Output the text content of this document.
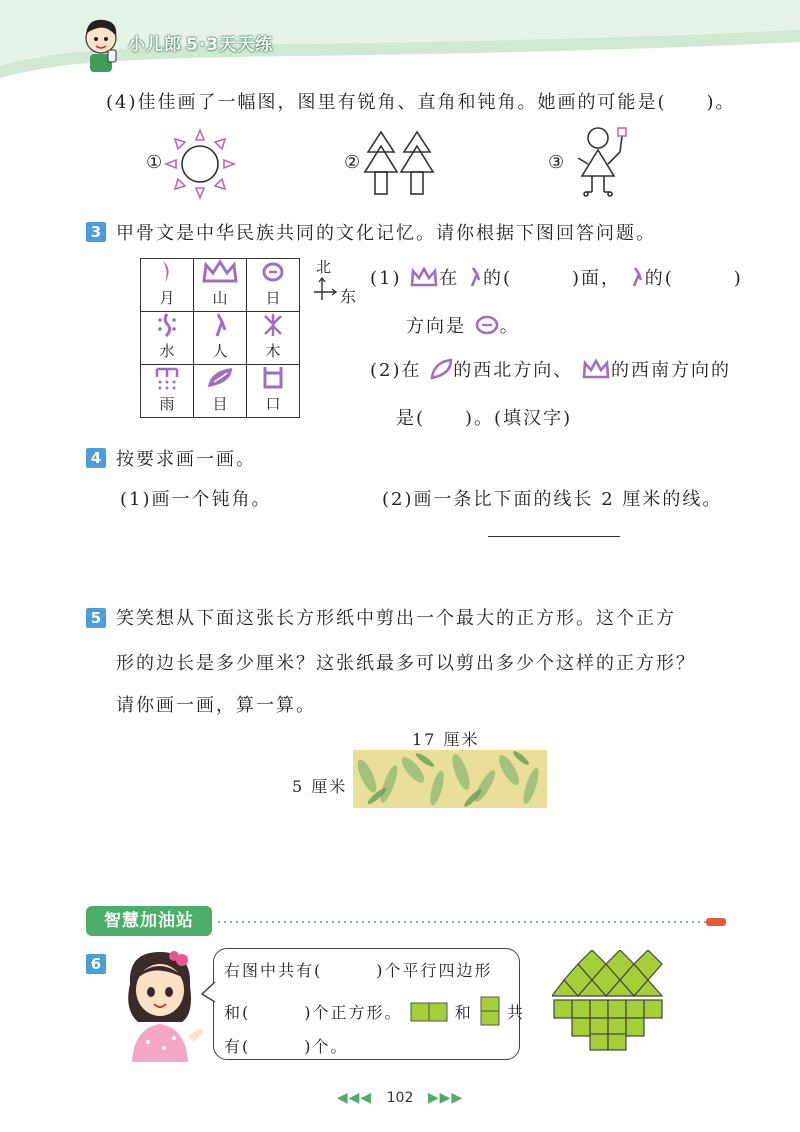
小儿郎 5·3天天练
(4)佳佳画了一幅图，图里有锐角、直角和钝角。她画的可能是(　　)。
①	②	③
3 甲骨文是中华民族共同的文化记忆。请你根据下图回答问题。
月	山	日

水	人	木

雨	目	口
北
东
(1) 在 的(　　　)面， 的(　　　)
方向是 。
(2)在 的西北方向、 的西南方向的
是(　　)。(填汉字)
4 按要求画一画。
(1)画一个钝角。	(2)画一条比下面的线长 2 厘米的线。
5 笑笑想从下面这张长方形纸中剪出一个最大的正方形。这个正方
形的边长是多少厘米？这张纸最多可以剪出多少个这样的正方形？
请你画一画，算一算。
17 厘米
5 厘米
智慧加油站
6	右图中共有(　　　)个平行四边形
和(　　　)个正方形。	和 共
有(　　　)个。
◀◀◀ 102 ▶▶▶
